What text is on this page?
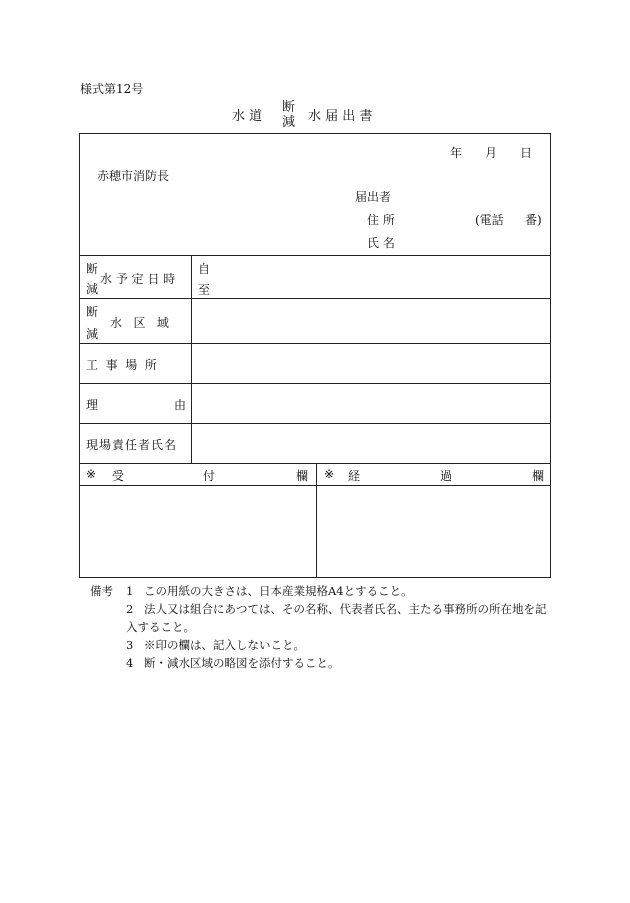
様式第12号
水 道
断
減 水 届 出 書
年 月 日
赤穂市消防長
届出者
住 所	(電話 番)
氏 名
断
減
水 予 定 日 時
自
至
断
減
水   区   域
工  事  場  所
理	由
現場責任者氏名
※ 受	付	欄 ※ 経	過	欄
備考 1 この用紙の大きさは、日本産業規格A4とすること。
2 法人又は組合にあつては、その名称、代表者氏名、主たる事務所の所在地を記
入すること。
3 ※印の欄は、記入しないこと。
4 断・減水区域の略図を添付すること。
